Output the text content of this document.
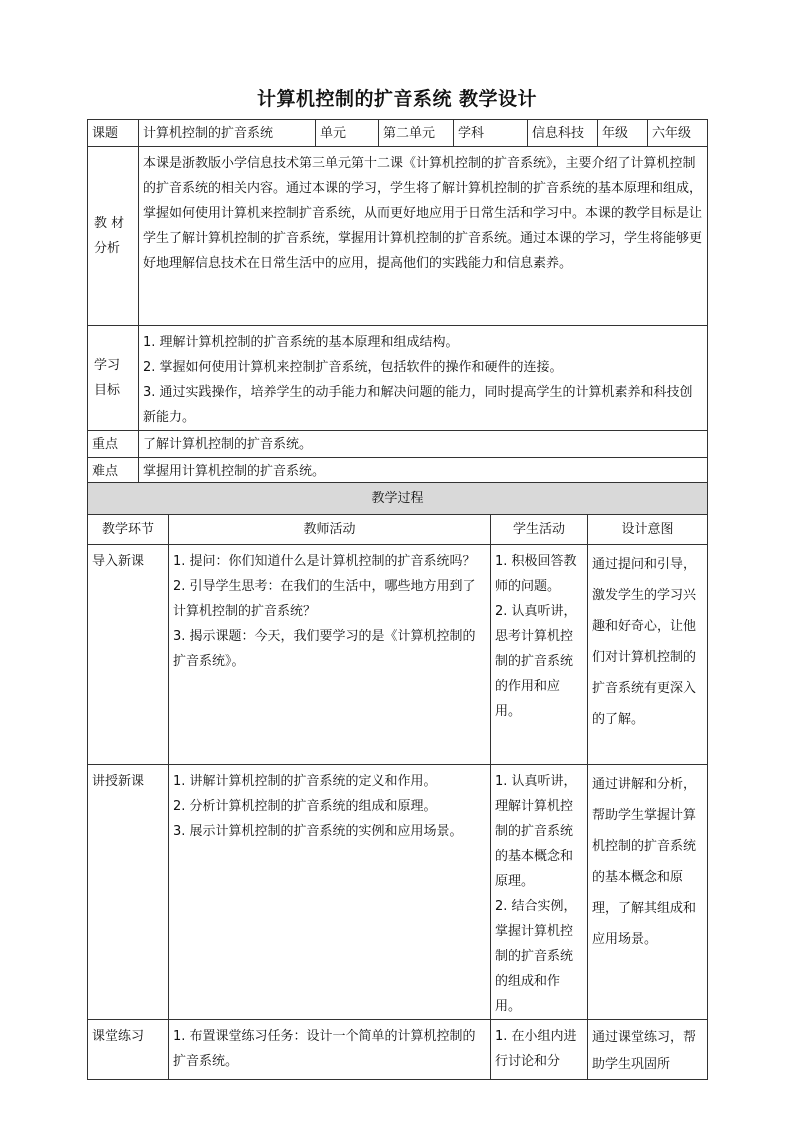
计算机控制的扩音系统 教学设计
课题	计算机控制的扩音系统	单元	第二单元	学科	信息科技	年级	六年级

教 材
分析	本课是浙教版小学信息技术第三单元第十二课《计算机控制的扩音系统》，主要介绍了计算机控制的扩音系统的相关内容。通过本课的学习，学生将了解计算机控制的扩音系统的基本原理和组成，掌握如何使用计算机来控制扩音系统，从而更好地应用于日常生活和学习中。本课的教学目标是让学生了解计算机控制的扩音系统，掌握用计算机控制的扩音系统。通过本课的学习，学生将能够更好地理解信息技术在日常生活中的应用，提高他们的实践能力和信息素养。						

学习
目标	1. 理解计算机控制的扩音系统的基本原理和组成结构。
2. 掌握如何使用计算机来控制扩音系统，包括软件的操作和硬件的连接。
3. 通过实践操作，培养学生的动手能力和解决问题的能力，同时提高学生的计算机素养和科技创新能力。						

重点	了解计算机控制的扩音系统。						
难点	掌握用计算机控制的扩音系统。						
教学过程			
教学环节	教师活动	学生活动	设计意图
导入新课	1. 提问：你们知道什么是计算机控制的扩音系统吗？
2. 引导学生思考：在我们的生活中，哪些地方用到了计算机控制的扩音系统？
3. 揭示课题：今天，我们要学习的是《计算机控制的扩音系统》。	1. 积极回答教师的问题。
2. 认真听讲，思考计算机控制的扩音系统的作用和应用。	通过提问和引导，激发学生的学习兴趣和好奇心，让他们对计算机控制的扩音系统有更深入的了解。
讲授新课	1. 讲解计算机控制的扩音系统的定义和作用。
2. 分析计算机控制的扩音系统的组成和原理。
3. 展示计算机控制的扩音系统的实例和应用场景。	1. 认真听讲，理解计算机控制的扩音系统的基本概念和原理。
2. 结合实例，掌握计算机控制的扩音系统的组成和作用。	通过讲解和分析，帮助学生掌握计算机控制的扩音系统的基本概念和原理，了解其组成和应用场景。
课堂练习	1. 布置课堂练习任务：设计一个简单的计算机控制的扩音系统。	1. 在小组内进行讨论和分	通过课堂练习，帮助学生巩固所
